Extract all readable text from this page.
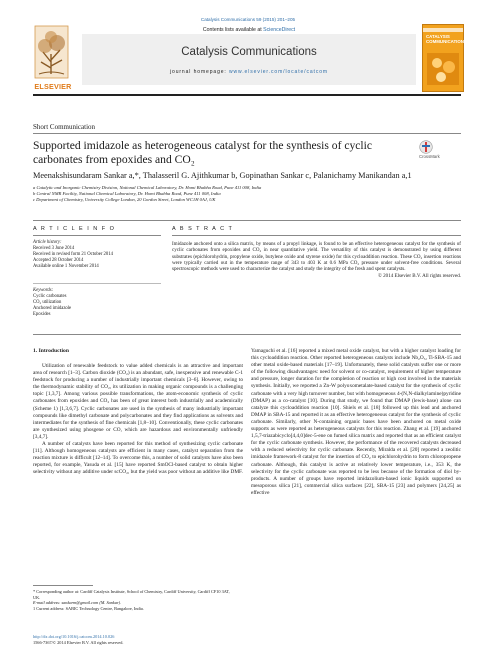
Catalysis Communications 59 (2015) 201–205
ELSEVIER
Contents lists available at ScienceDirect
Catalysis Communications
journal homepage: www.elsevier.com/locate/catcom
CATALYSIS COMMUNICATIONS
Short Communication
Supported imidazole as heterogeneous catalyst for the synthesis of cyclic
carbonates from epoxides and CO₂	CrossMark
Meenakshisundaram Sankar a,*, Thalasseril G. Ajithkumar b, Gopinathan Sankar c, Palanichamy Manikandan a,1
a Catalytic and Inorganic Chemistry Division, National Chemical Laboratory, Dr. Homi Bhabha Road, Pune 411 008, India
b Central NMR Facility, National Chemical Laboratory, Dr. Homi Bhabha Road, Pune 411 008, India
c Department of Chemistry, University College London, 20 Gordon Street, London WC1H 0AJ, UK
A R T I C L E I N F O	A B S T R A C T
Article history:
Received 3 June 2014
Received in revised form 21 October 2014
Accepted 28 October 2014
Available online 1 November 2014
Keywords:
Cyclic carbonates
CO₂ utilization
Anchored imidazole
Epoxides
Imidazole anchored onto a silica matrix, by means of a propyl linkage, is found to be an effective heterogeneous catalyst for the synthesis of cyclic carbonates from epoxides and CO₂ in near quantitative yield. The versatility of this catalyst is demonstrated by using different substrates (epichlorohydrin, propylene oxide, butylene oxide and styrene oxide) for this cycloaddition reaction. These CO₂ insertion reactions were typically carried out in the temperature range of 343 to 403 K at 0.6 MPa CO₂ pressure under solvent-free conditions. Several spectroscopic methods were used to characterize the catalyst and study the integrity of the fresh and spent catalysts.
© 2014 Elsevier B.V. All rights reserved.
1. Introduction

Utilization of renewable feedstock to value added chemicals is an attractive and important area of research [1–3]. Carbon dioxide (CO₂) is an abundant, safe, inexpensive and renewable C-1 feedstock for producing a number of industrially important chemicals [3–6]. However, owing to the thermodynamic stability of CO₂, its utilization in making organic compounds is a challenging topic [1,3,7]. Among various possible transformations, the atom-economic synthesis of cyclic carbonates from epoxides and CO₂ has been of great interest both industrially and academically (Scheme 1) [1,3,6,7]. Cyclic carbonates are used in the synthesis of many industrially important compounds like dimethyl carbonate and polycarbonates and they find applications as solvents and intermediates for the synthesis of fine chemicals [1,8–10]. Conventionally, these cyclic carbonates are synthesized using phosgene or CO, which are hazardous and environmentally unfriendly [3,4,7].

A number of catalysts have been reported for this method of synthesizing cyclic carbonate [11]. Although homogeneous catalysts are efficient in many cases, catalyst separation from the reaction mixture is difficult [12–14]. To overcome this, a number of solid catalysts have also been reported, for example, Yasuda et al. [15] have reported SmOCl-based catalyst to obtain higher selectivity without any additive under scCO₂, but the yield was poor without an additive like DMF.

Yamaguchi et al. [16] reported a mixed metal oxide catalyst, but with a higher catalyst loading for this cycloaddition reaction. Other reported heterogeneous catalysts include Nb₂O₅, Ti-SBA-15 and other metal oxide-based materials [17–19]. Unfortunately, these solid catalysts suffer one or more of the following disadvantages: need for solvent or co-catalyst, requirement of higher temperature and pressure, longer duration for the completion of reaction or high cost involved in the materials synthesis. Initially, we reported a Zn-W polyoxometalate-based catalyst for the synthesis of cyclic carbonate with a very high turnover number, but with homogeneous 4-(N,N-dialkylamine)pyridine (DMAP) as a co-catalyst [10]. During that study, we found that DMAP (lewis-base) alone can catalyze this cycloaddition reaction [10]. Shiels et al. [18] followed up this lead and anchored DMAP in SBA-15 and reported it as an effective heterogeneous catalyst for the synthesis of cyclic carbonate. Similarly, other N-containing organic bases have been anchored on metal oxide supports as were reported as heterogeneous catalysts for this reaction. Zhang et al. [19] anchored 1,5,7-triazabicyclo[4,4,0]dec-5-ene on fumed silica matrix and reported that as an efficient catalyst for the cyclic carbonate synthesis. However, the performance of the recovered catalysts decreased with a reduced selectivity for cyclic carbonate. Recently, Miralda et al. [20] reported a zeolitic imidazole framework-8 catalyst for the insertion of CO₂ to epichlorohydrin to form chloropropene carbonate. Although, this catalyst is active at relatively lower temperature, i.e., 353 K, the selectivity for the cyclic carbonate was reported to be less because of the formation of diol by-products. A number of groups have reported imidazolium-based ionic liquids supported on mesoporous silica [21], commercial silica surfaces [22], SBA-15 [23] and polymers [24,25] as effective

* Corresponding author at: Cardiff Catalysis Institute, School of Chemistry, Cardiff University, Cardiff CF10 3AT, UK.
E-mail address: sankarm@gmail.com (M. Sankar).
1 Current address: SABIC Technology Centre, Bangalore, India.
http://dx.doi.org/10.1016/j.catcom.2014.10.026
1566-7367/© 2014 Elsevier B.V. All rights reserved.
